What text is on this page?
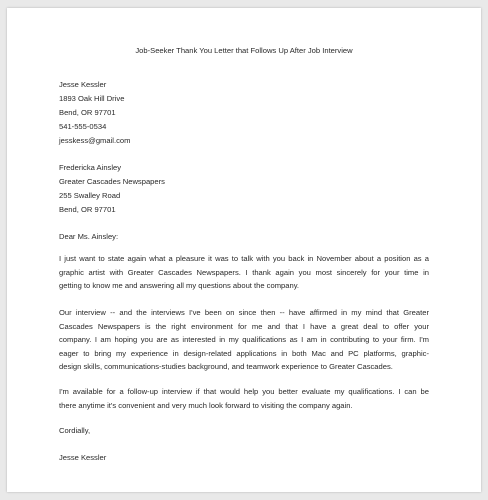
Job-Seeker Thank You Letter that Follows Up After Job Interview
Jesse Kessler
1893 Oak Hill Drive
Bend, OR 97701
541-555-0534
jesskess@gmail.com
Fredericka Ainsley
Greater Cascades Newspapers
255 Swalley Road
Bend, OR 97701
Dear Ms. Ainsley:
I just want to state again what a pleasure it was to talk with you back in November about a position as a
graphic artist with Greater Cascades Newspapers. I thank again you most sincerely for your time in
getting to know me and answering all my questions about the company.
Our interview -- and the interviews I've been on since then -- have affirmed in my mind that Greater
Cascades Newspapers is the right environment for me and that I have a great deal to offer your
company. I am hoping you are as interested in my qualifications as I am in contributing to your firm. I'm
eager to bring my experience in design-related applications in both Mac and PC platforms, graphic-
design skills, communications-studies background, and teamwork experience to Greater Cascades.
I'm available for a follow-up interview if that would help you better evaluate my qualifications. I can be
there anytime it's convenient and very much look forward to visiting the company again.
Cordially,
Jesse Kessler
